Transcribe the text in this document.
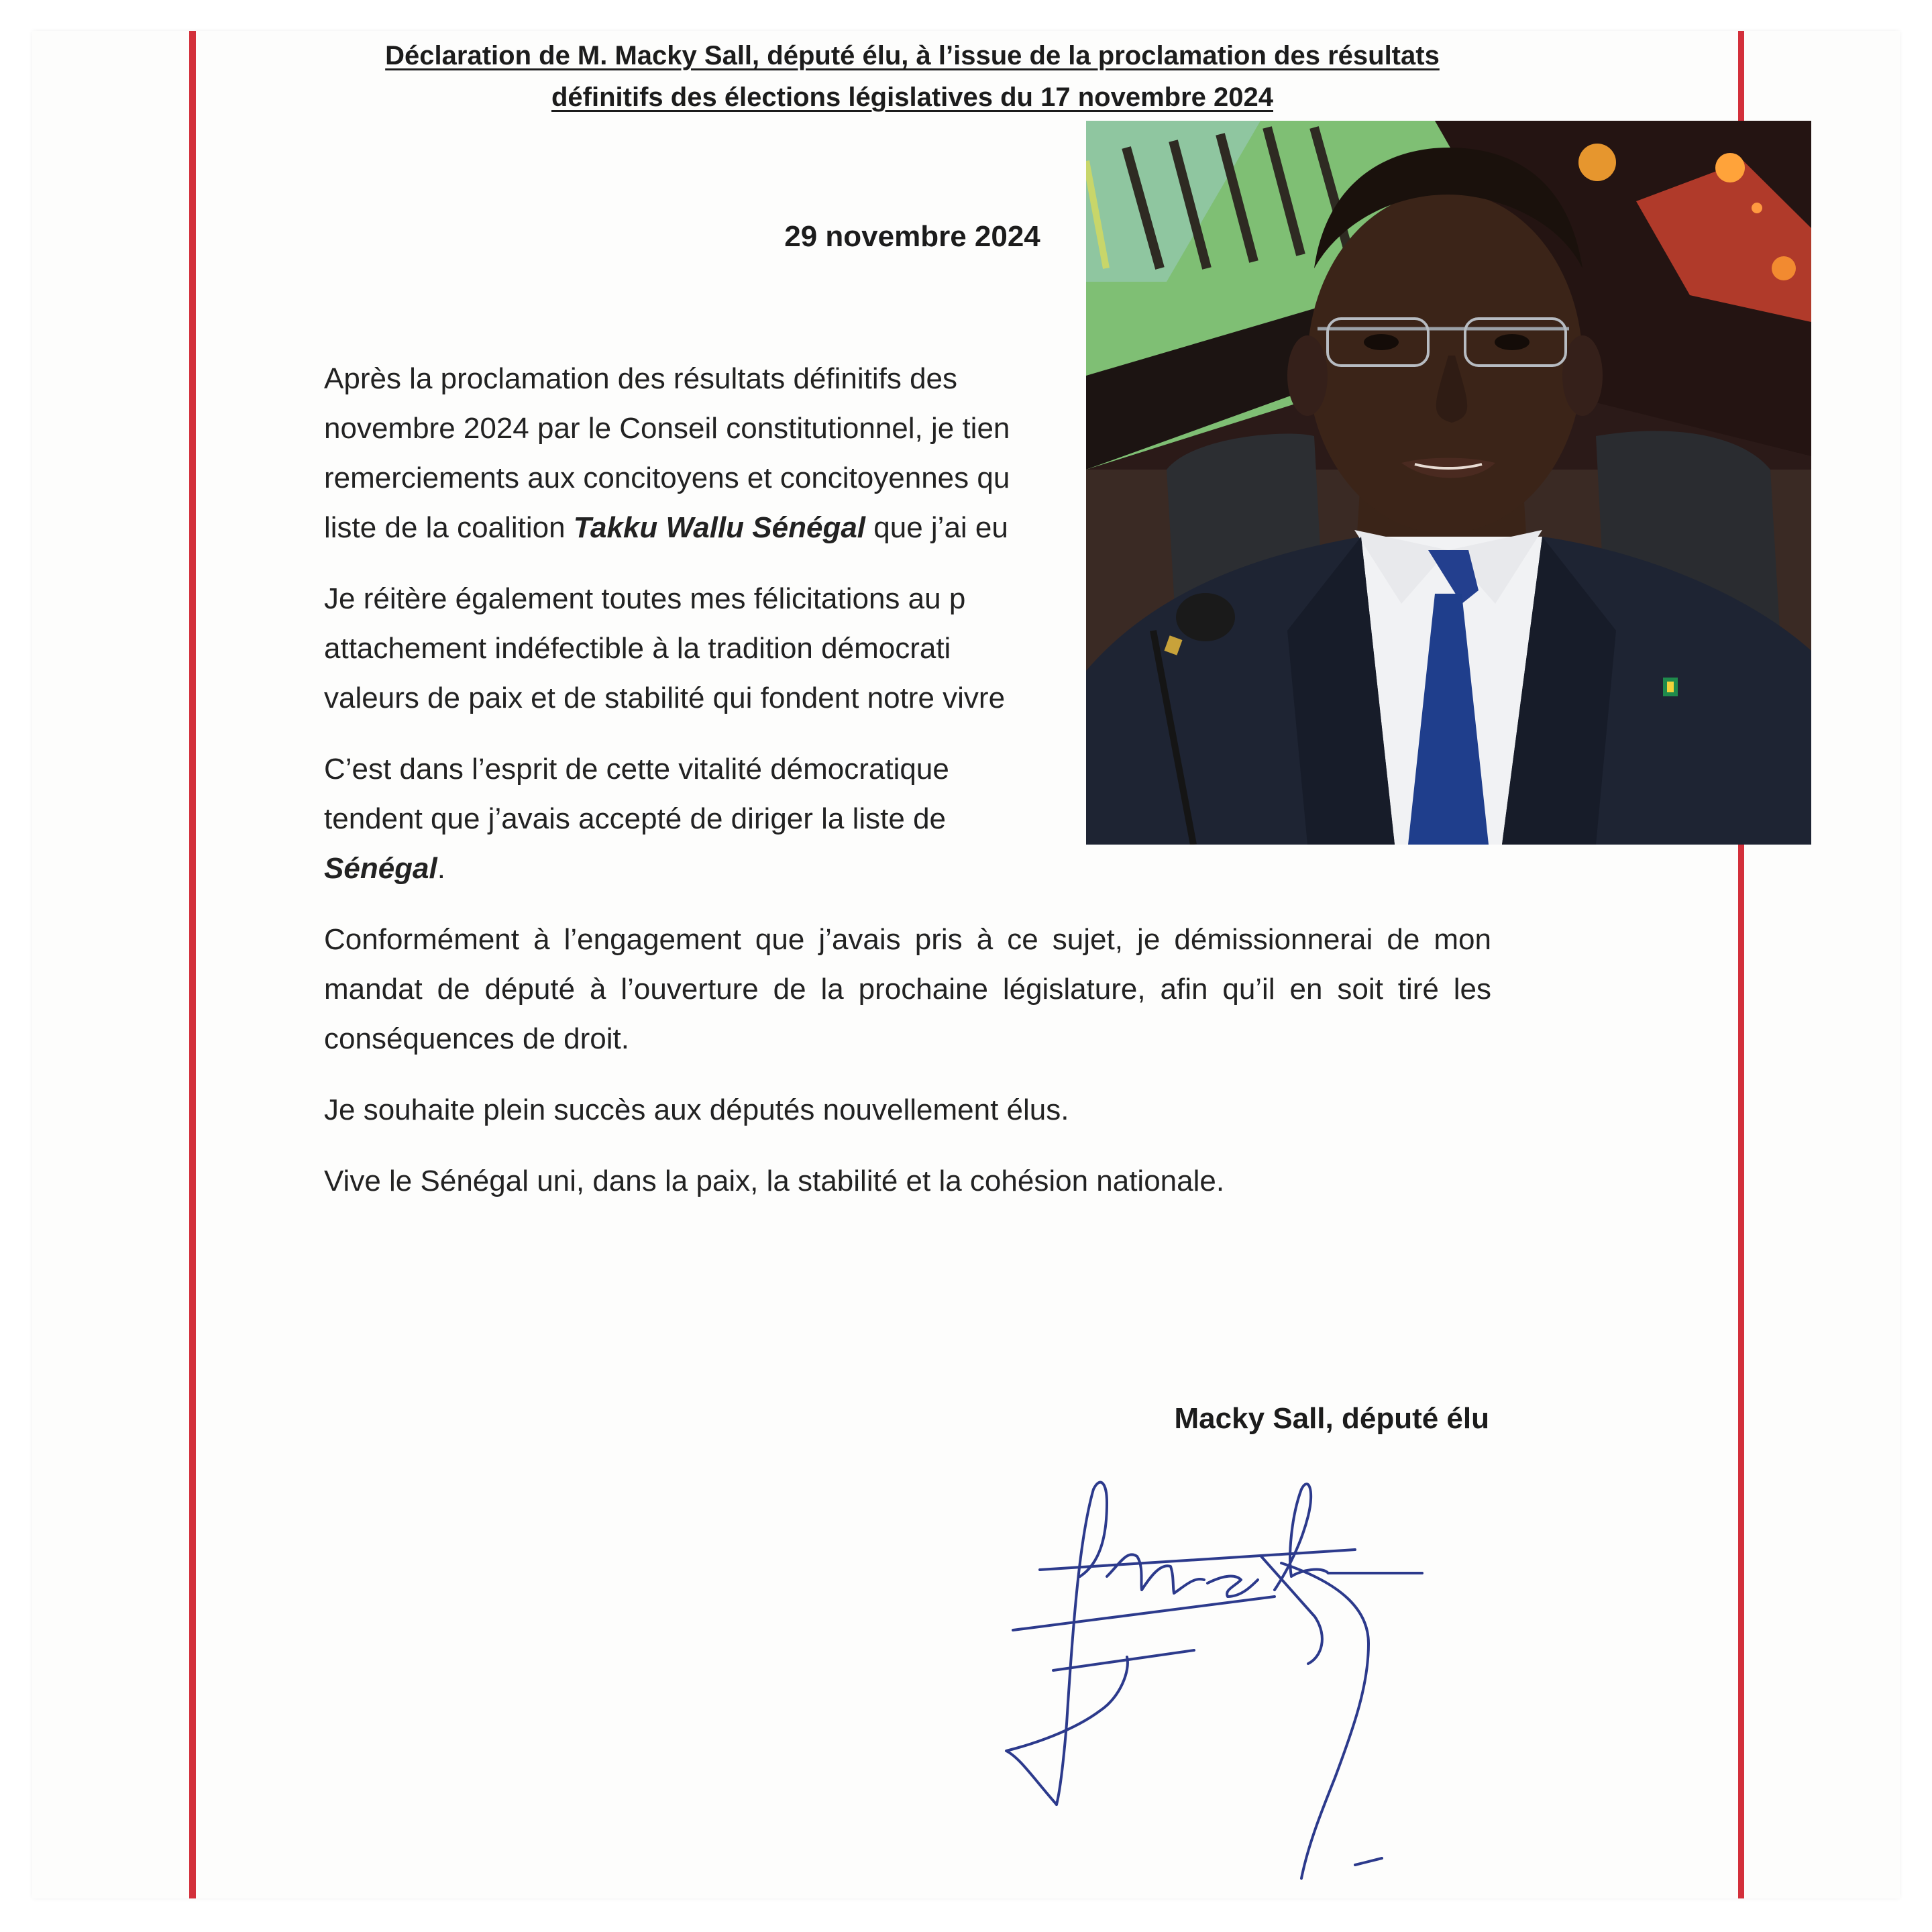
Déclaration de M. Macky Sall, député élu, à l’issue de la proclamation des résultats
définitifs des élections législatives du 17 novembre 2024
29 novembre 2024

Après la proclamation des résultats définitifs des
novembre 2024 par le Conseil constitutionnel, je tien
remerciements aux concitoyens et concitoyennes qu
liste de la coalition Takku Wallu Sénégal que j’ai eu

Je réitère également toutes mes félicitations au p
attachement indéfectible à la tradition démocrati
valeurs de paix et de stabilité qui fondent notre vivre

C’est dans l’esprit de cette vitalité démocratique
tendent que j’avais accepté de diriger la liste de
Sénégal.

Conformément à l’engagement que j’avais pris à ce sujet, je démissionnerai de mon mandat de député à l’ouverture de la prochaine législature, afin qu’il en soit tiré les conséquences de droit.

Je souhaite plein succès aux députés nouvellement élus.

Vive le Sénégal uni, dans la paix, la stabilité et la cohésion nationale.

Macky Sall, député élu
